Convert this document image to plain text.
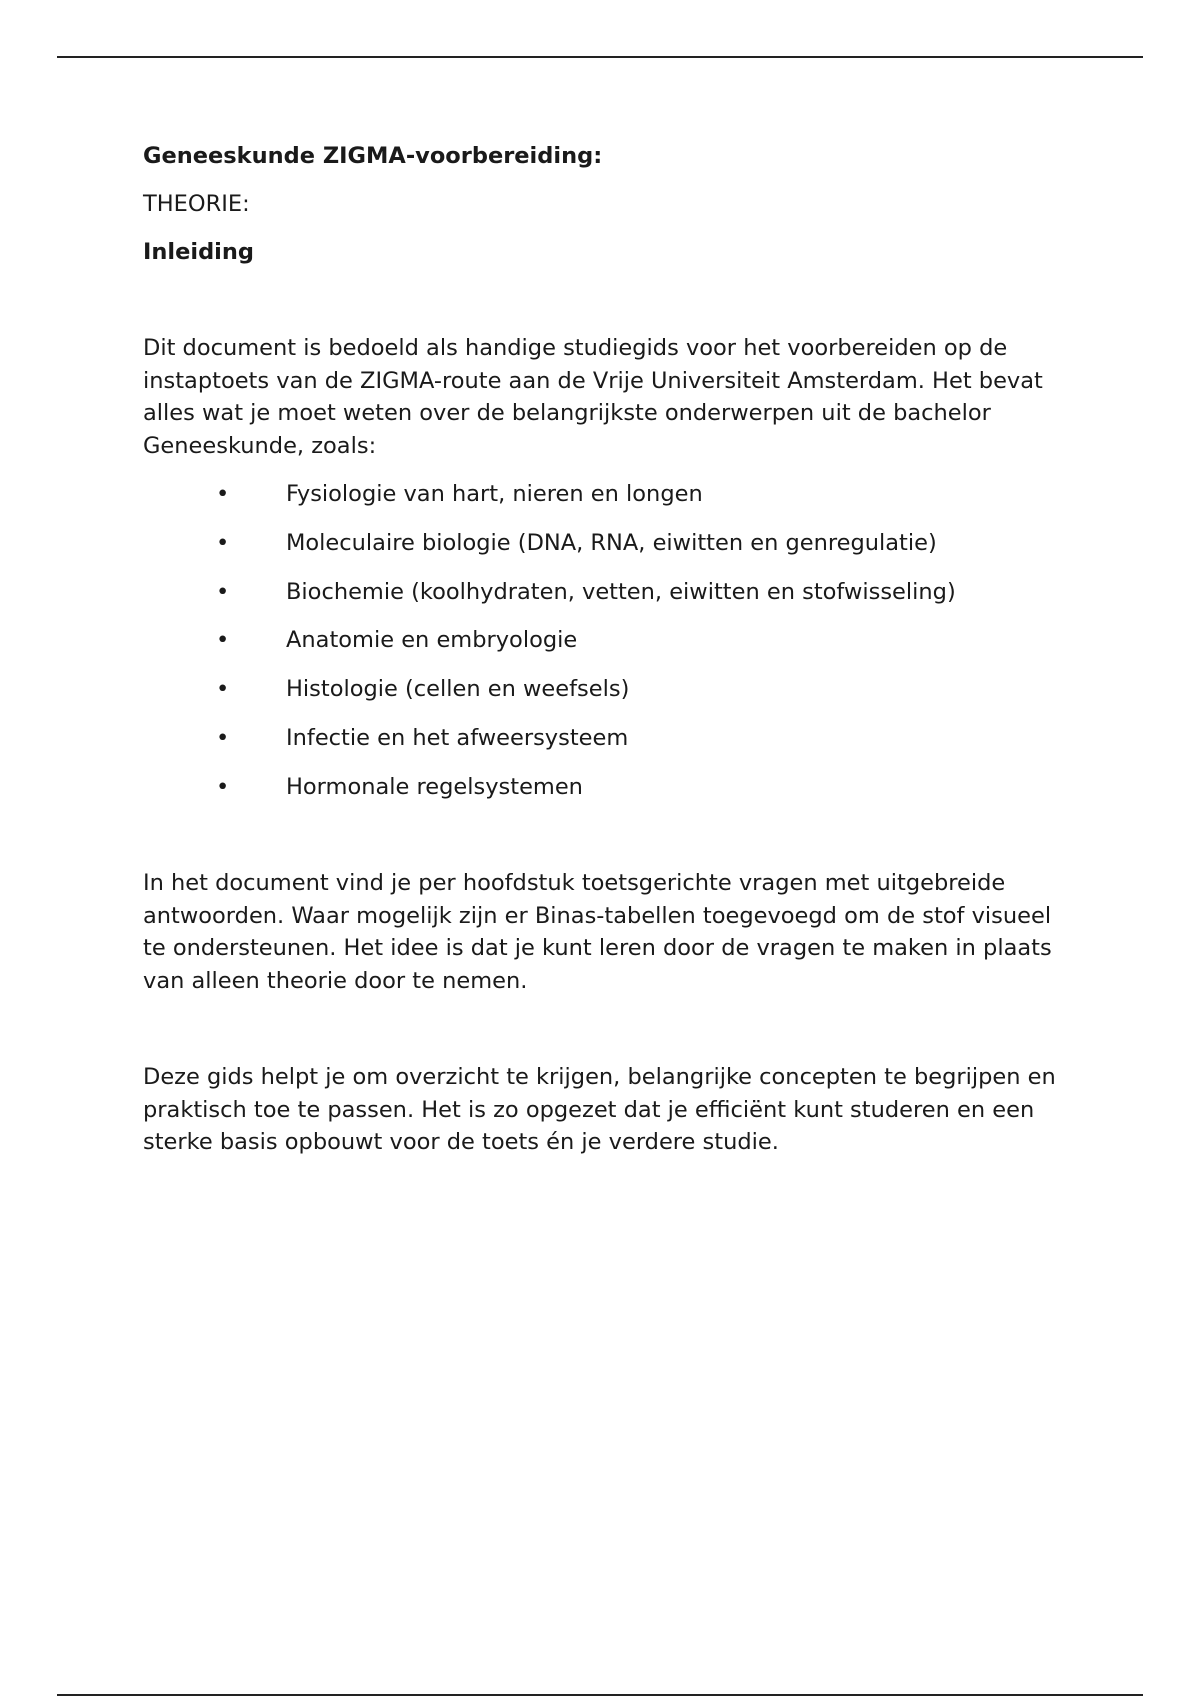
Geneeskunde ZIGMA-voorbereiding:

THEORIE:

Inleiding

Dit document is bedoeld als handige studiegids voor het voorbereiden op de instaptoets van de ZIGMA-route aan de Vrije Universiteit Amsterdam. Het bevat alles wat je moet weten over de belangrijkste onderwerpen uit de bachelor Geneeskunde, zoals:

•	Fysiologie van hart, nieren en longen
•	Moleculaire biologie (DNA, RNA, eiwitten en genregulatie)
•	Biochemie (koolhydraten, vetten, eiwitten en stofwisseling)
•	Anatomie en embryologie
•	Histologie (cellen en weefsels)
•	Infectie en het afweersysteem
•	Hormonale regelsystemen

In het document vind je per hoofdstuk toetsgerichte vragen met uitgebreide antwoorden. Waar mogelijk zijn er Binas-tabellen toegevoegd om de stof visueel te ondersteunen. Het idee is dat je kunt leren door de vragen te maken in plaats van alleen theorie door te nemen.

Deze gids helpt je om overzicht te krijgen, belangrijke concepten te begrijpen en praktisch toe te passen. Het is zo opgezet dat je efficiënt kunt studeren en een sterke basis opbouwt voor de toets én je verdere studie.
